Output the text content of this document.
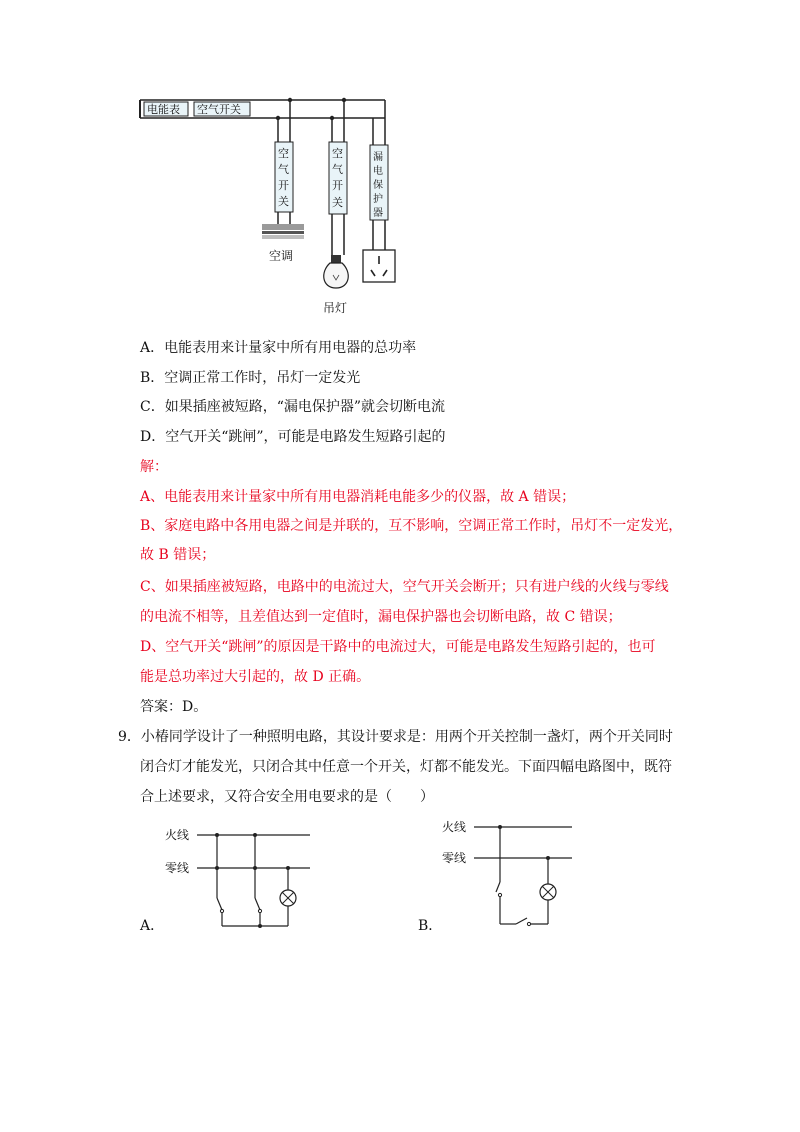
电能表 空气开关
空
气
开
关
空调
空
气
开
关
吊灯
漏
电
保
护
器
A．电能表用来计量家中所有用电器的总功率
B．空调正常工作时，吊灯一定发光
C．如果插座被短路，“漏电保护器”就会切断电流
D．空气开关“跳闸”，可能是电路发生短路引起的
解：
A、电能表用来计量家中所有用电器消耗电能多少的仪器，故 A 错误；
B、家庭电路中各用电器之间是并联的，互不影响，空调正常工作时，吊灯不一定发光，
故 B 错误；
C、如果插座被短路，电路中的电流过大，空气开关会断开；只有进户线的火线与零线
的电流不相等，且差值达到一定值时，漏电保护器也会切断电路，故 C 错误；
D、空气开关“跳闸”的原因是干路中的电流过大，可能是电路发生短路引起的，也可
能是总功率过大引起的，故 D 正确。
答案：D。
9．小椿同学设计了一种照明电路，其设计要求是：用两个开关控制一盏灯，两个开关同时
闭合灯才能发光，只闭合其中任意一个开关，灯都不能发光。下面四幅电路图中，既符
合上述要求，又符合安全用电要求的是（　　）
火线
零线
A．
火线
零线
B．
